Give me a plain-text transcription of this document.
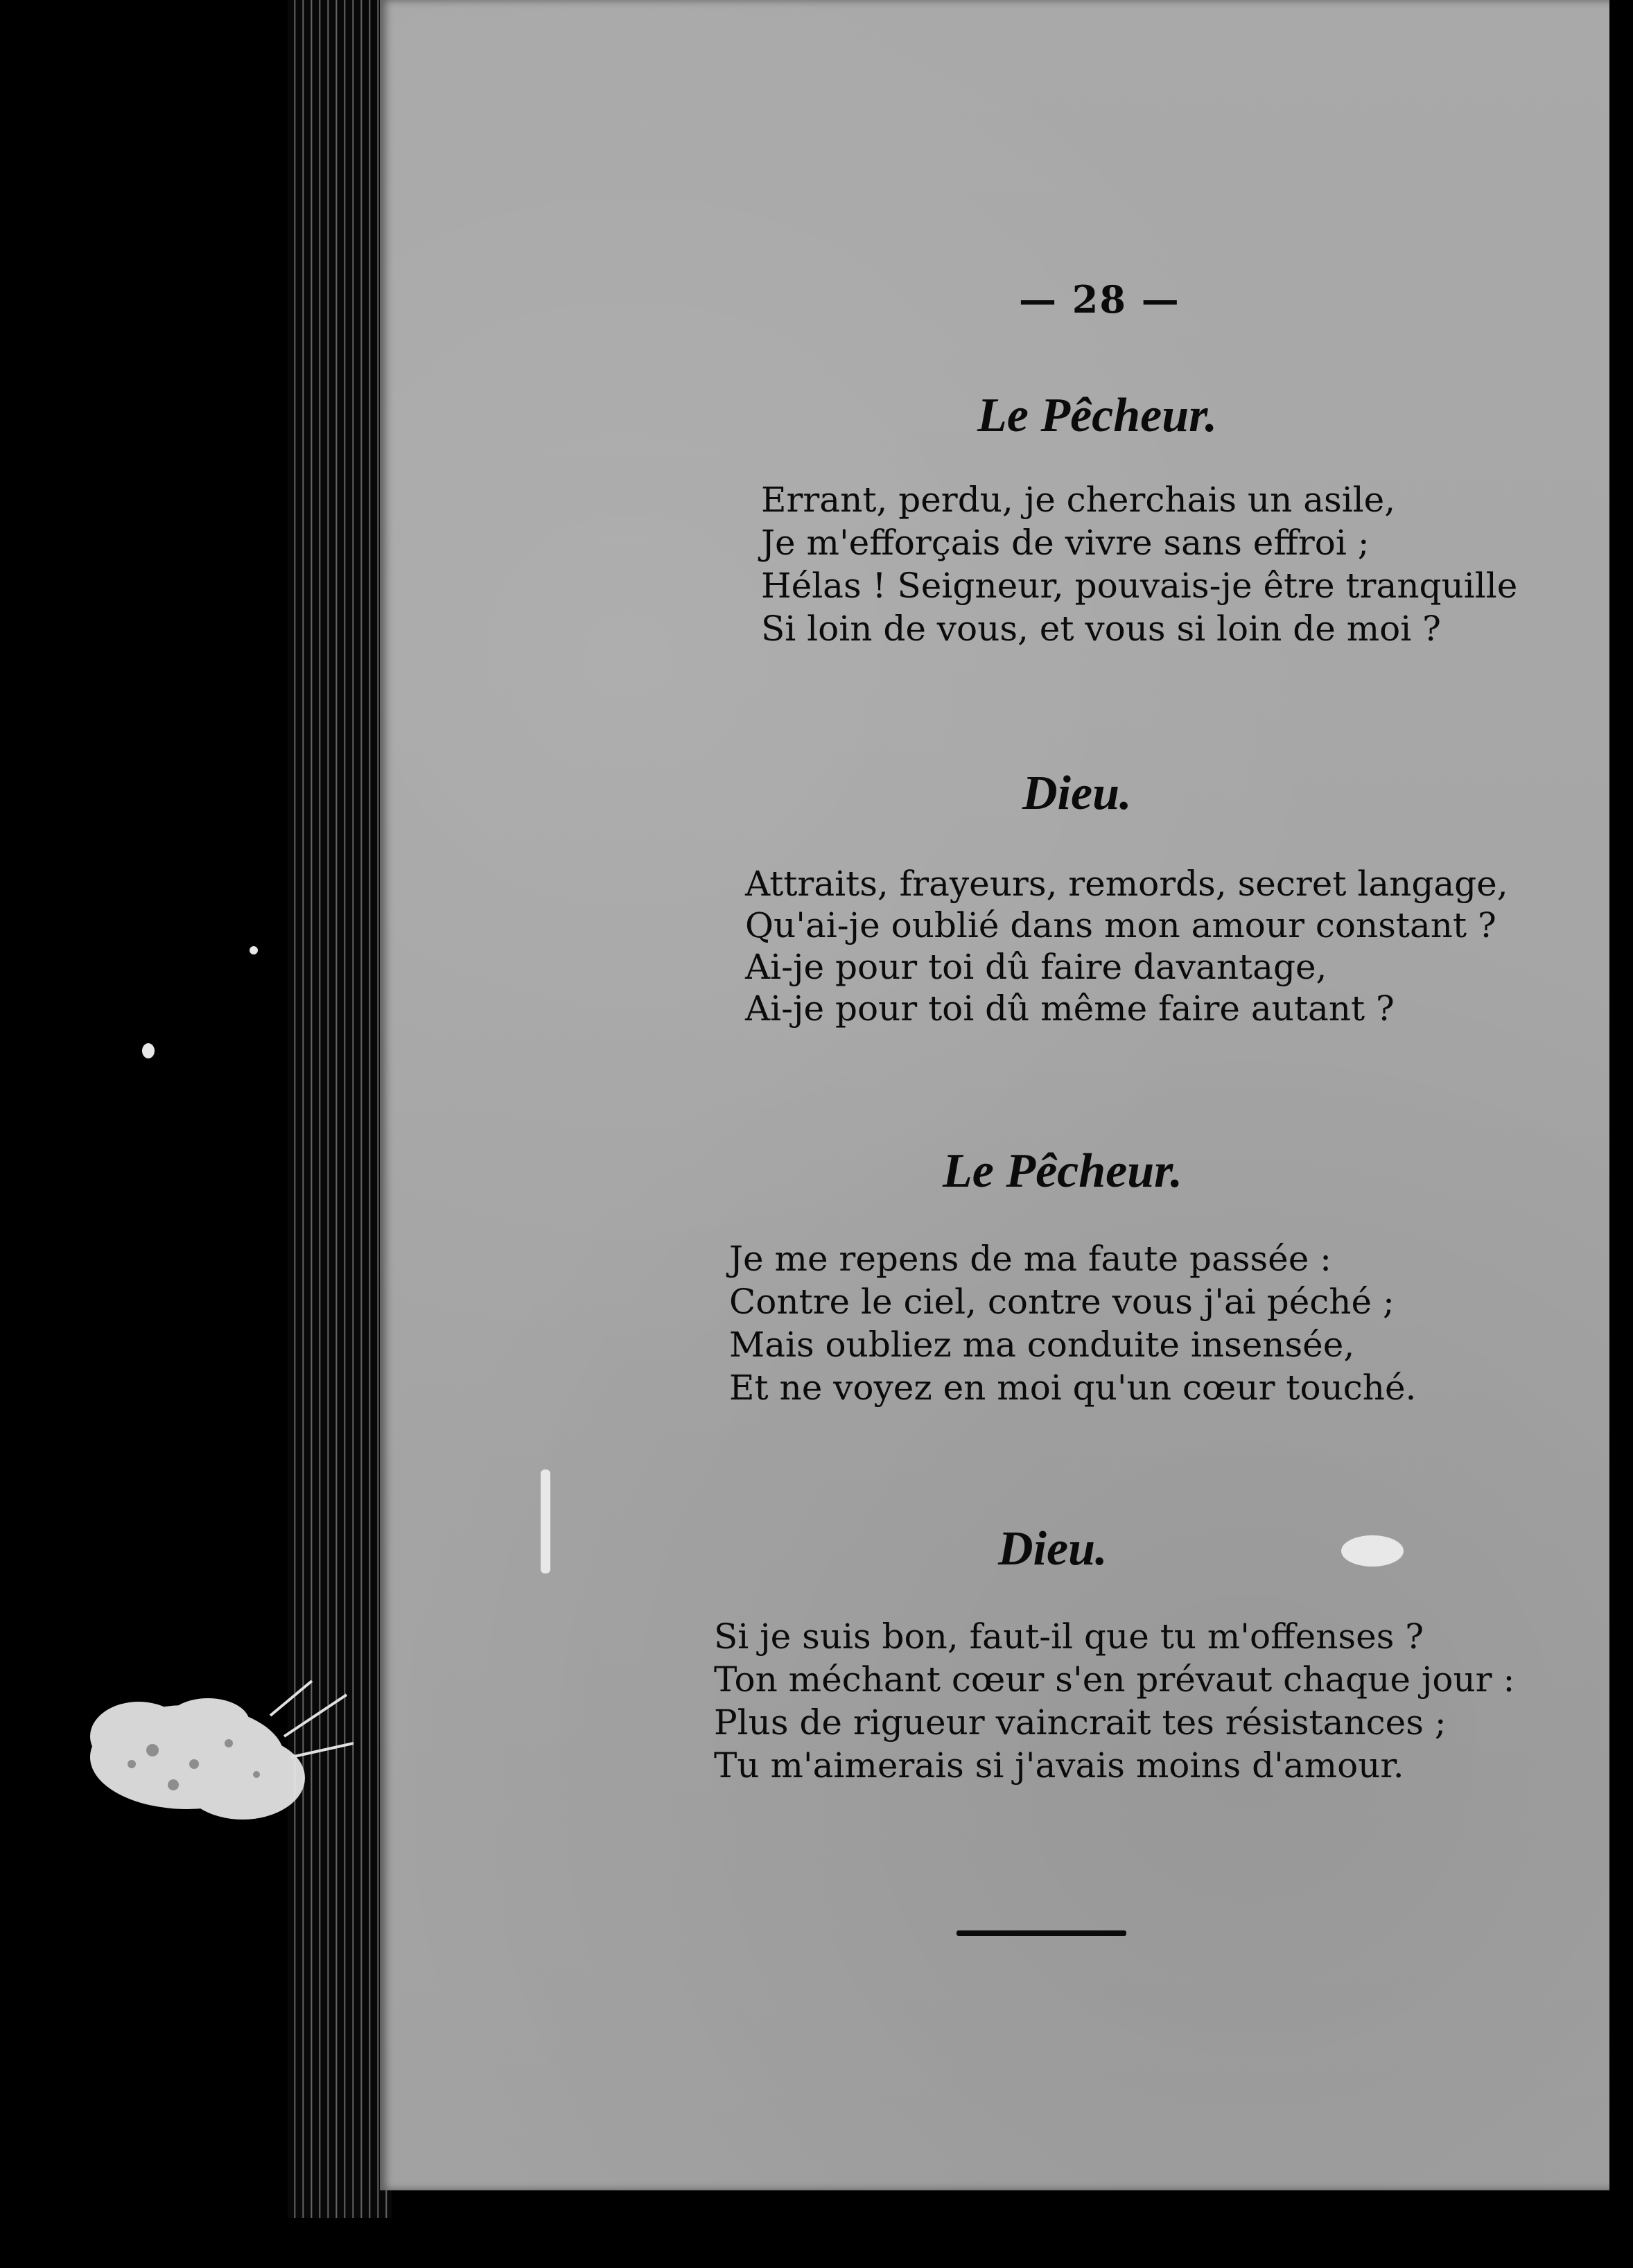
— 28 —
Le Pêcheur.
Errant, perdu, je cherchais un asile,
Je m'efforçais de vivre sans effroi ;
Hélas ! Seigneur, pouvais-je être tranquille
Si loin de vous, et vous si loin de moi ?
Dieu.
Attraits, frayeurs, remords, secret langage,
Qu'ai-je oublié dans mon amour constant ?
Ai-je pour toi dû faire davantage,
Ai-je pour toi dû même faire autant ?
Le Pêcheur.
Je me repens de ma faute passée :
Contre le ciel, contre vous j'ai péché ;
Mais oubliez ma conduite insensée,
Et ne voyez en moi qu'un cœur touché.
Dieu.
Si je suis bon, faut-il que tu m'offenses ?
Ton méchant cœur s'en prévaut chaque jour :
Plus de rigueur vaincrait tes résistances ;
Tu m'aimerais si j'avais moins d'amour.
